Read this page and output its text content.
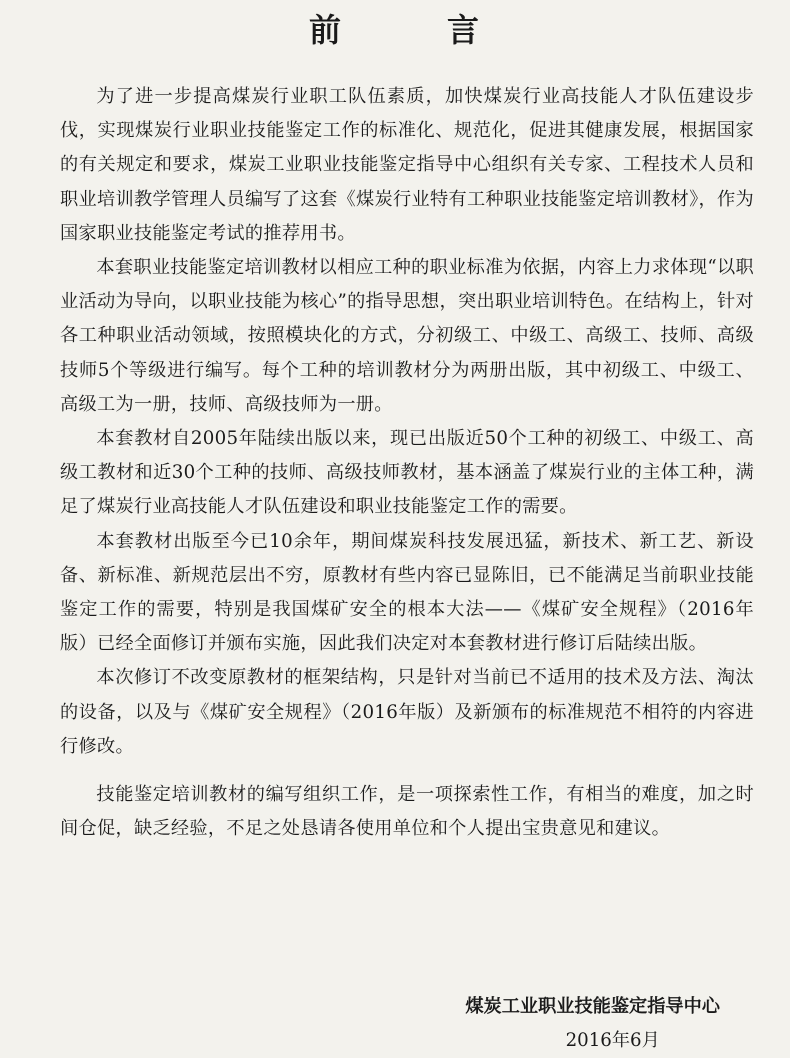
前	言

为了进一步提高煤炭行业职工队伍素质，加快煤炭行业高技能人才队伍建设步伐，实现煤炭行业职业技能鉴定工作的标准化、规范化，促进其健康发展，根据国家的有关规定和要求，煤炭工业职业技能鉴定指导中心组织有关专家、工程技术人员和职业培训教学管理人员编写了这套《煤炭行业特有工种职业技能鉴定培训教材》，作为国家职业技能鉴定考试的推荐用书。

本套职业技能鉴定培训教材以相应工种的职业标准为依据，内容上力求体现“以职业活动为导向，以职业技能为核心”的指导思想，突出职业培训特色。在结构上，针对各工种职业活动领域，按照模块化的方式，分初级工、中级工、高级工、技师、高级技师5个等级进行编写。每个工种的培训教材分为两册出版，其中初级工、中级工、高级工为一册，技师、高级技师为一册。

本套教材自2005年陆续出版以来，现已出版近50个工种的初级工、中级工、高级工教材和近30个工种的技师、高级技师教材，基本涵盖了煤炭行业的主体工种，满足了煤炭行业高技能人才队伍建设和职业技能鉴定工作的需要。

本套教材出版至今已10余年，期间煤炭科技发展迅猛，新技术、新工艺、新设备、新标准、新规范层出不穷，原教材有些内容已显陈旧，已不能满足当前职业技能鉴定工作的需要，特别是我国煤矿安全的根本大法——《煤矿安全规程》（2016年版）已经全面修订并颁布实施，因此我们决定对本套教材进行修订后陆续出版。

本次修订不改变原教材的框架结构，只是针对当前已不适用的技术及方法、淘汰的设备，以及与《煤矿安全规程》（2016年版）及新颁布的标准规范不相符的内容进行修改。

技能鉴定培训教材的编写组织工作，是一项探索性工作，有相当的难度，加之时间仓促，缺乏经验，不足之处恳请各使用单位和个人提出宝贵意见和建议。

煤炭工业职业技能鉴定指导中心

2016年6月
